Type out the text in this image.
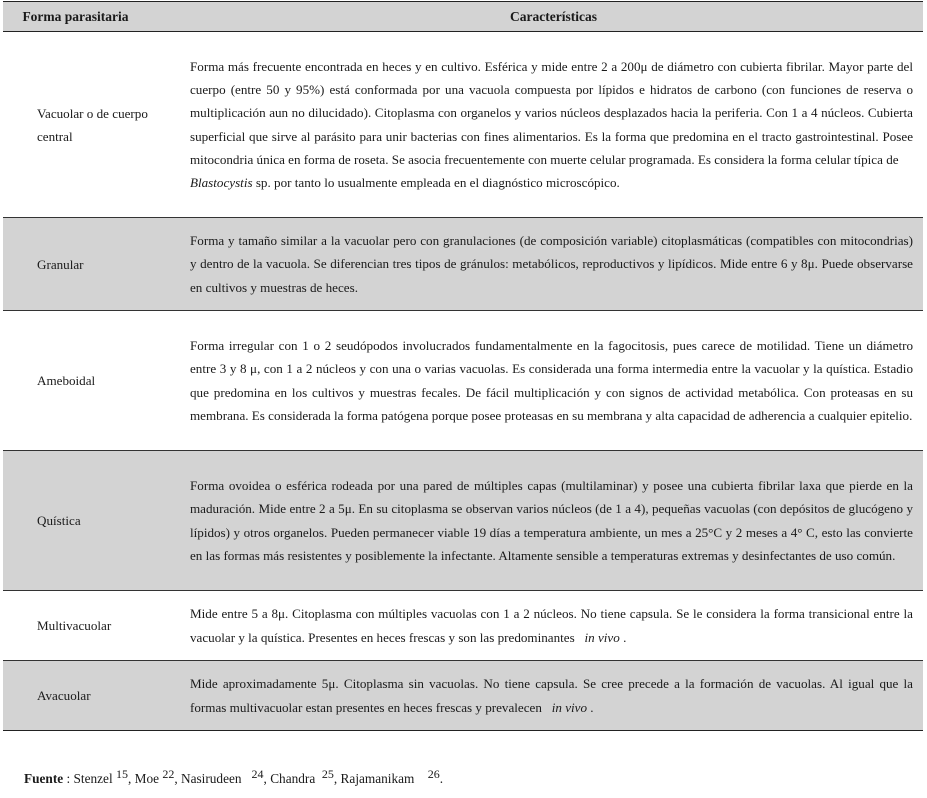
Forma parasitaria	Características
Vacuolar o de cuerpo central	Forma más frecuente encontrada en heces y en cultivo. Esférica y mide entre 2 a 200μ de diámetro con cubierta fibrilar. Mayor parte del cuerpo (entre 50 y 95%) está conformada por una vacuola compuesta por lípidos e hidratos de carbono (con funciones de reserva o multiplicación aun no dilucidado). Citoplasma con organelos y varios núcleos desplazados hacia la periferia. Con 1 a 4 núcleos. Cubierta superficial que sirve al parásito para unir bacterias con fines alimentarios. Es la forma que predomina en el tracto gastrointestinal. Posee mitocondria única en forma de roseta. Se asocia frecuentemente con muerte celular programada. Es considera la forma celular típica de
Blastocystis sp. por tanto lo usualmente empleada en el diagnóstico microscópico.
Granular	Forma y tamaño similar a la vacuolar pero con granulaciones (de composición variable) citoplasmáticas (compatibles con mitocondrias) y dentro de la vacuola. Se diferencian tres tipos de gránulos: metabólicos, reproductivos y lipídicos. Mide entre 6 y 8μ. Puede observarse en cultivos y muestras de heces.
Ameboidal	Forma irregular con 1 o 2 seudópodos involucrados fundamentalmente en la fagocitosis, pues carece de motilidad. Tiene un diámetro entre 3 y 8 μ, con 1 a 2 núcleos y con una o varias vacuolas. Es considerada una forma intermedia entre la vacuolar y la quística. Estadio que predomina en los cultivos y muestras fecales. De fácil multiplicación y con signos de actividad metabólica. Con proteasas en su membrana. Es considerada la forma patógena porque posee proteasas en su membrana y alta capacidad de adherencia a cualquier epitelio.
Quística	Forma ovoidea o esférica rodeada por una pared de múltiples capas (multilaminar) y posee una cubierta fibrilar laxa que pierde en la maduración. Mide entre 2 a 5μ. En su citoplasma se observan varios núcleos (de 1 a 4), pequeñas vacuolas (con depósitos de glucógeno y lípidos) y otros organelos. Pueden permanecer viable 19 días a temperatura ambiente, un mes a 25°C y 2 meses a 4° C, esto las convierte en las formas más resistentes y posiblemente la infectante. Altamente sensible a temperaturas extremas y desinfectantes de uso común.
Multivacuolar	Mide entre 5 a 8μ. Citoplasma con múltiples vacuolas con 1 a 2 núcleos. No tiene capsula. Se le considera la forma transicional entre la vacuolar y la quística. Presentes en heces frescas y son las predominantes in vivo .
Avacuolar	Mide aproximadamente 5μ. Citoplasma sin vacuolas. No tiene capsula. Se cree precede a la formación de vacuolas. Al igual que la formas multivacuolar estan presentes en heces frescas y prevalecen in vivo .
Fuente : Stenzel $^{15}$, Moe $^{22}$, Nasirudeen $^{24}$, Chandra $^{25}$, Rajamanikam $^{26}$.
